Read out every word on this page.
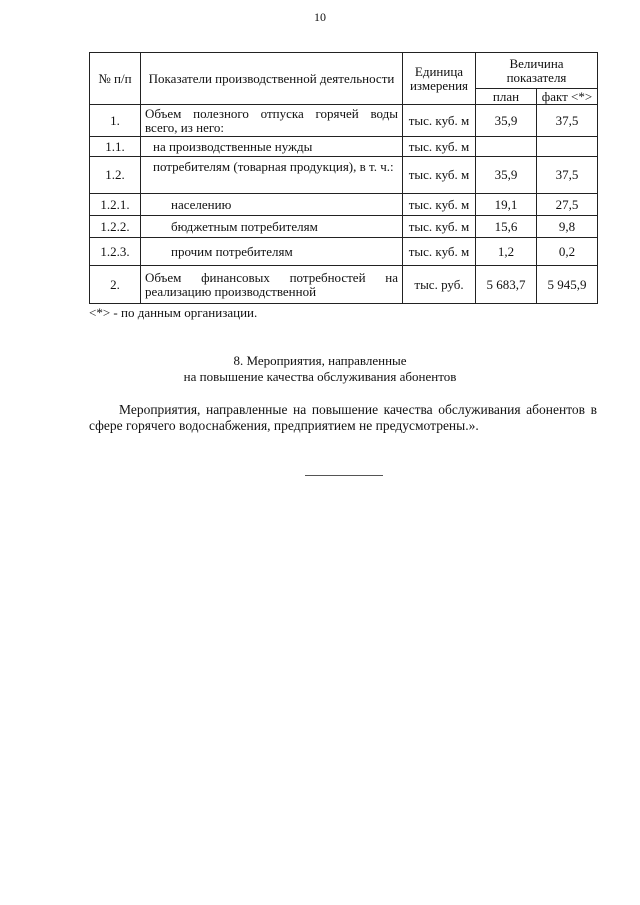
10
№ п/п	Показатели производственной деятельности	Единица измерения	Величина показателя	
			план	факт <*>
1.	Объем полезного отпуска горячей воды всего, из него:	тыс. куб. м	35,9	37,5
1.1.	на производственные нужды	тыс. куб. м		
1.2.	потребителям (товарная продукция), в т. ч.:	тыс. куб. м	35,9	37,5
1.2.1.	населению	тыс. куб. м	19,1	27,5
1.2.2.	бюджетным потребителям	тыс. куб. м	15,6	9,8
1.2.3.	прочим потребителям	тыс. куб. м	1,2	0,2
2.	Объем финансовых потребностей на реализацию производственной	тыс. руб.	5 683,7	5 945,9
<*> - по данным организации.
8. Мероприятия, направленные
на повышение качества обслуживания абонентов
Мероприятия, направленные на повышение качества обслуживания абонентов в сфере горячего водоснабжения, предприятием не предусмотрены.».
